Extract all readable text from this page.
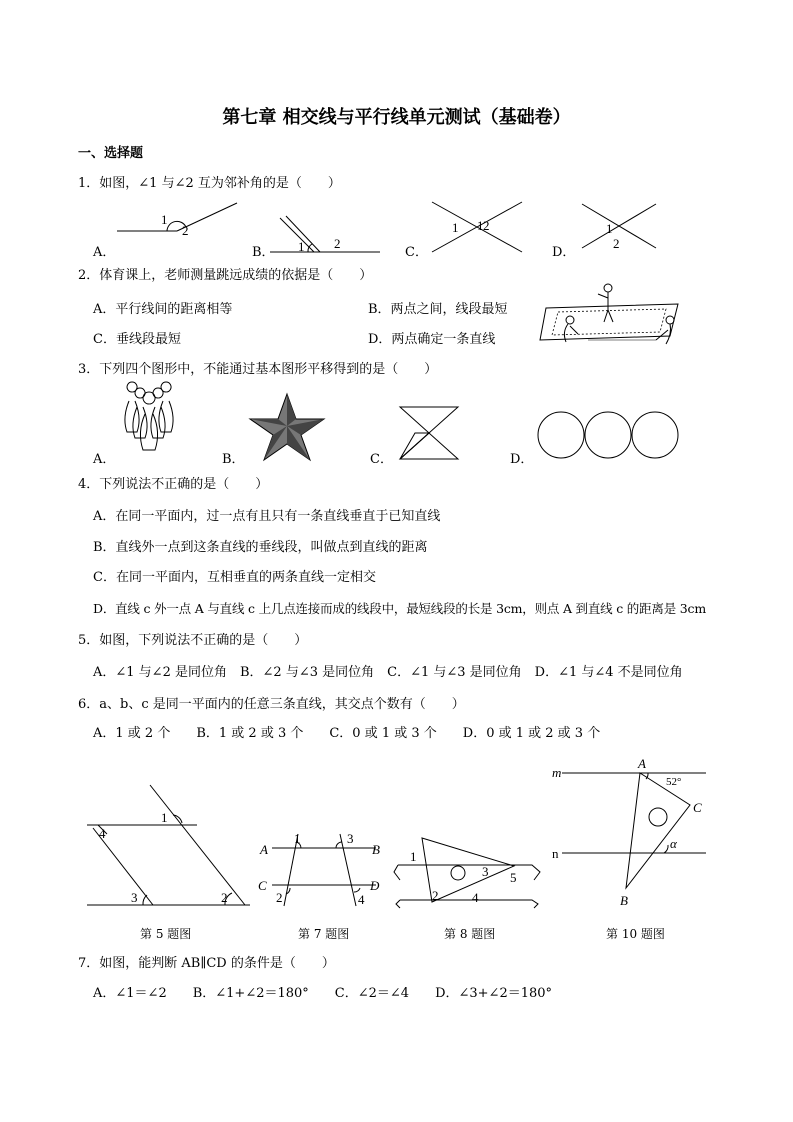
第七章 相交线与平行线单元测试（基础卷）
一、选择题
1．如图，∠1 与∠2 互为邻补角的是（　　）
A．	B．	C．	D．
1
2
1 2
1 1 2	1
2
2．体育课上，老师测量跳远成绩的依据是（　　）
A．平行线间的距离相等	B．两点之间，线段最短
C．垂线段最短	D．两点确定一条直线
3．下列四个图形中，不能通过基本图形平移得到的是（　　）
A．	B．	C．	D．
4．下列说法不正确的是（　　）
A．在同一平面内，过一点有且只有一条直线垂直于已知直线
B．直线外一点到这条直线的垂线段，叫做点到直线的距离
C．在同一平面内，互相垂直的两条直线一定相交
D．直线 c 外一点 A 与直线 c 上几点连接而成的线段中，最短线段的长是 3cm，则点 A 到直线 c 的距离是 3cm
5．如图，下列说法不正确的是（　　）
A．∠1 与∠2 是同位角　B．∠2 与∠3 是同位角　C．∠1 与∠3 是同位角　D．∠1 与∠4 不是同位角
6．a、b、c 是同一平面内的任意三条直线，其交点个数有（　　）
A．1 或 2 个　　B．1 或 2 或 3 个　　C．0 或 1 或 3 个　　D．0 或 1 或 2 或 3 个
1
4
3	2
第 5 题图
1	3
A	B
C	D
2	4
第 7 题图
1
3 5
2	4
第 8 题图
m
A
52°
C
n
α
B
第 10 题图
7．如图，能判断 AB∥CD 的条件是（　　）
A．∠1＝∠2　　B．∠1+∠2＝180°　　C．∠2＝∠4　　D．∠3+∠2＝180°
